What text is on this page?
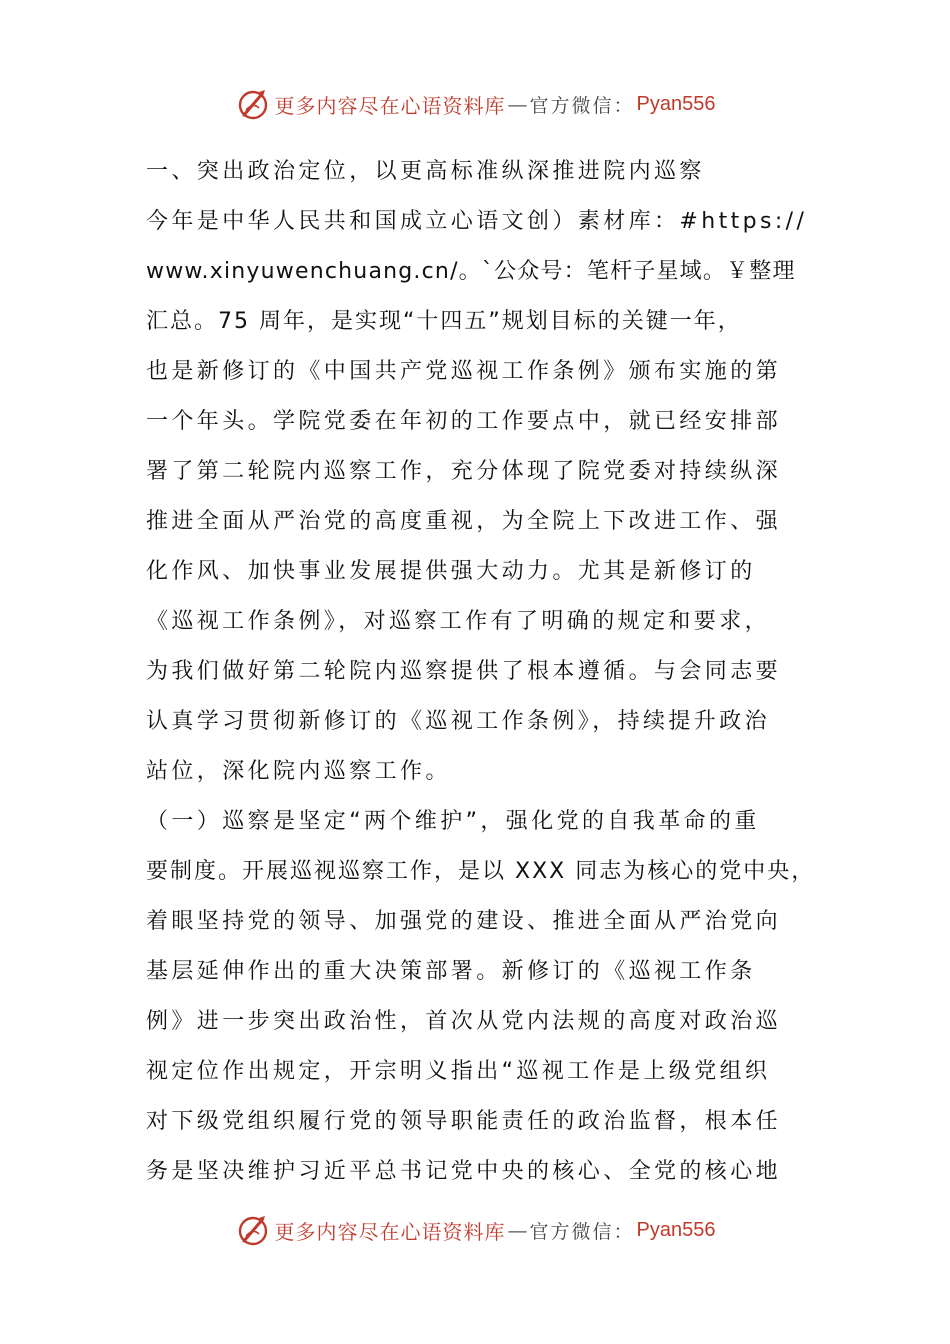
更多内容尽在心语资料库 — 官方微信： Pyan556
一、突出政治定位，以更高标准纵深推进院内巡察
今年是中华人民共和国成立心语文创）素材库：#https://
www.xinyuwenchuang.cn/。`公众号：笔杆子星域。￥整理
汇总。75 周年，是实现“十四五”规划目标的关键一年，
也是新修订的《中国共产党巡视工作条例》颁布实施的第
一个年头。学院党委在年初的工作要点中，就已经安排部
署了第二轮院内巡察工作，充分体现了院党委对持续纵深
推进全面从严治党的高度重视，为全院上下改进工作、强
化作风、加快事业发展提供强大动力。尤其是新修订的
《巡视工作条例》，对巡察工作有了明确的规定和要求，
为我们做好第二轮院内巡察提供了根本遵循。与会同志要
认真学习贯彻新修订的《巡视工作条例》，持续提升政治
站位，深化院内巡察工作。
（一）巡察是坚定“两个维护”，强化党的自我革命的重
要制度。开展巡视巡察工作，是以 XXX 同志为核心的党中央，
着眼坚持党的领导、加强党的建设、推进全面从严治党向
基层延伸作出的重大决策部署。新修订的《巡视工作条
例》进一步突出政治性，首次从党内法规的高度对政治巡
视定位作出规定，开宗明义指出“巡视工作是上级党组织
对下级党组织履行党的领导职能责任的政治监督，根本任
务是坚决维护习近平总书记党中央的核心、全党的核心地
更多内容尽在心语资料库 — 官方微信： Pyan556
